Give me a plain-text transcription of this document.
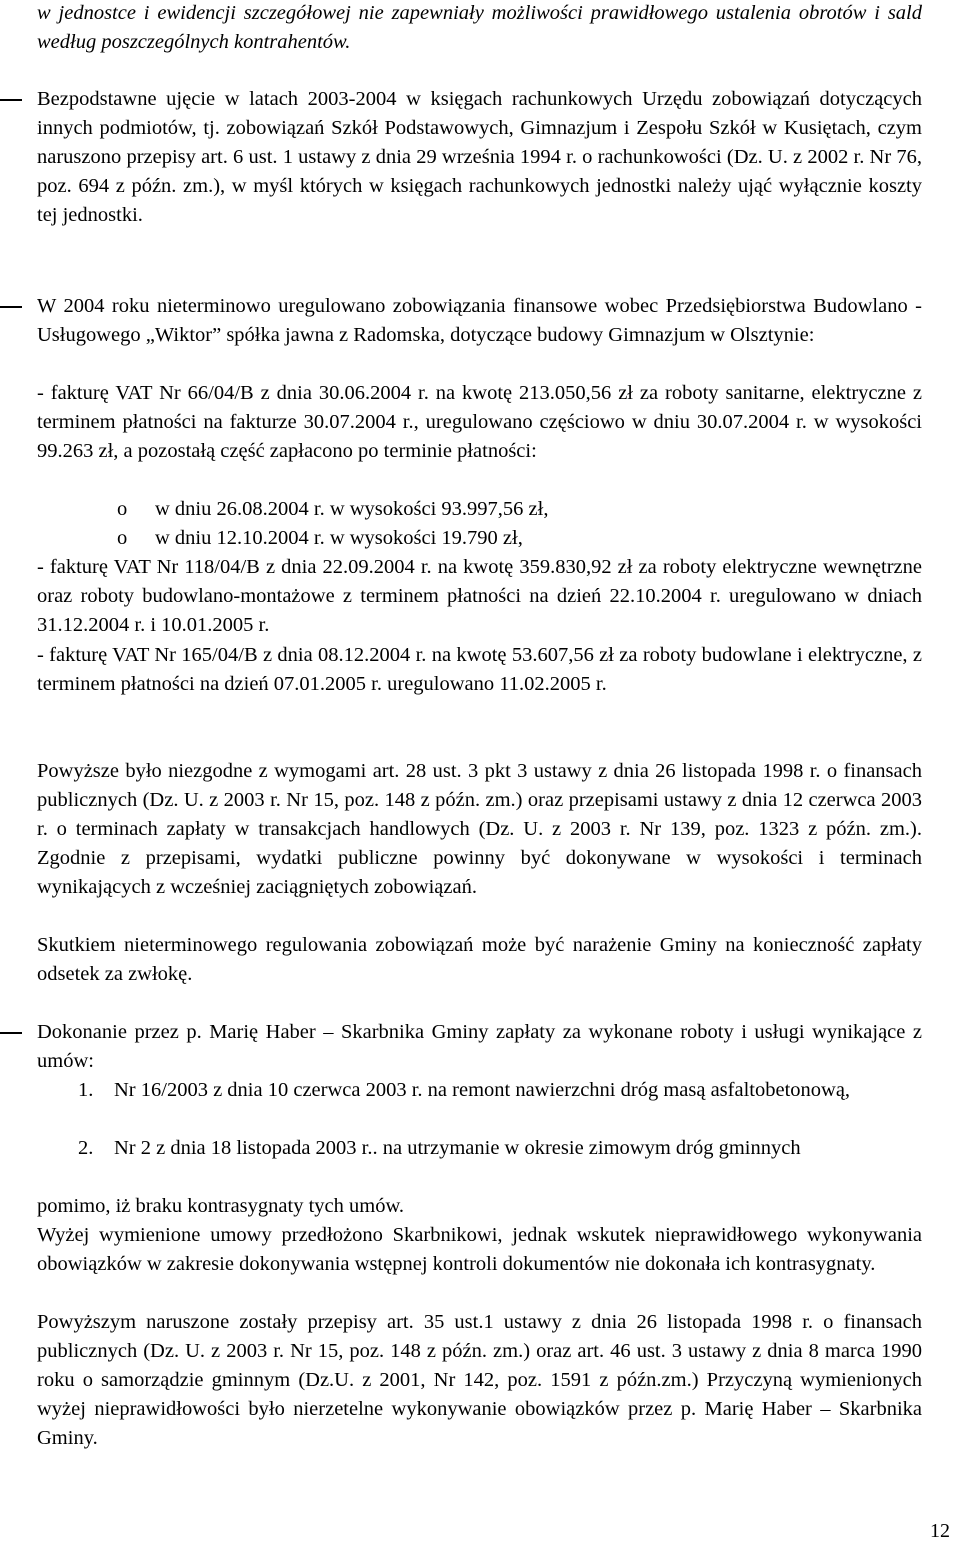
w jednostce i ewidencji szczegółowej nie zapewniały możliwości prawidłowego ustalenia obrotów i sald według poszczególnych kontrahentów.

Bezpodstawne ujęcie w latach 2003-2004 w księgach rachunkowych Urzędu zobowiązań dotyczących innych podmiotów, tj. zobowiązań Szkół Podstawowych, Gimnazjum i Zespołu Szkół w Kusiętach, czym naruszono przepisy art. 6 ust. 1 ustawy z dnia 29 września 1994 r. o rachunkowości (Dz. U. z 2002 r. Nr 76, poz. 694 z późn. zm.), w myśl których w księgach rachunkowych jednostki należy ująć wyłącznie koszty tej jednostki.

W 2004 roku nieterminowo uregulowano zobowiązania finansowe wobec Przedsiębiorstwa Budowlano - Usługowego „Wiktor” spółka jawna z Radomska, dotyczące budowy Gimnazjum w Olsztynie:

- fakturę VAT Nr 66/04/B z dnia 30.06.2004 r. na kwotę 213.050,56 zł za roboty sanitarne, elektryczne z terminem płatności na fakturze 30.07.2004 r., uregulowano częściowo w dniu 30.07.2004 r. w wysokości 99.263 zł, a pozostałą część zapłacono po terminie płatności:

o	w dniu 26.08.2004 r. w wysokości 93.997,56 zł,
o	w dniu 12.10.2004 r. w wysokości 19.790 zł,

- fakturę VAT Nr 118/04/B z dnia 22.09.2004 r. na kwotę 359.830,92 zł za roboty elektryczne wewnętrzne oraz roboty budowlano-montażowe z terminem płatności na dzień 22.10.2004 r. uregulowano w dniach 31.12.2004 r. i 10.01.2005 r.

- fakturę VAT Nr 165/04/B z dnia 08.12.2004 r. na kwotę 53.607,56 zł za roboty budowlane i elektryczne, z terminem płatności na dzień 07.01.2005 r. uregulowano 11.02.2005 r.

Powyższe było niezgodne z wymogami art. 28 ust. 3 pkt 3 ustawy z dnia 26 listopada 1998 r. o finansach publicznych (Dz. U. z 2003 r. Nr 15, poz. 148 z późn. zm.) oraz przepisami ustawy z dnia 12 czerwca 2003 r. o terminach zapłaty w transakcjach handlowych (Dz. U. z 2003 r. Nr 139, poz. 1323 z późn. zm.). Zgodnie z przepisami, wydatki publiczne powinny być dokonywane w wysokości i terminach wynikających z wcześniej zaciągniętych zobowiązań.

Skutkiem nieterminowego regulowania zobowiązań może być narażenie Gminy na konieczność zapłaty odsetek za zwłokę.

Dokonanie przez p. Marię Haber – Skarbnika Gminy zapłaty za wykonane roboty i usługi wynikające z umów:

1. Nr 16/2003 z dnia 10 czerwca 2003 r. na remont nawierzchni dróg masą asfaltobetonową,

2. Nr 2 z dnia 18 listopada 2003 r.. na utrzymanie w okresie zimowym dróg gminnych

pomimo, iż braku kontrasygnaty tych umów.

Wyżej wymienione umowy przedłożono Skarbnikowi, jednak wskutek nieprawidłowego wykonywania obowiązków w zakresie dokonywania wstępnej kontroli dokumentów nie dokonała ich kontrasygnaty.

Powyższym naruszone zostały przepisy art. 35 ust.1 ustawy z dnia 26 listopada 1998 r. o finansach publicznych (Dz. U. z 2003 r. Nr 15, poz. 148 z późn. zm.) oraz art. 46 ust. 3 ustawy z dnia 8 marca 1990 roku o samorządzie gminnym (Dz.U. z 2001, Nr 142, poz. 1591 z późn.zm.) Przyczyną wymienionych wyżej nieprawidłowości było nierzetelne wykonywanie obowiązków przez p. Marię Haber – Skarbnika Gminy.

12
